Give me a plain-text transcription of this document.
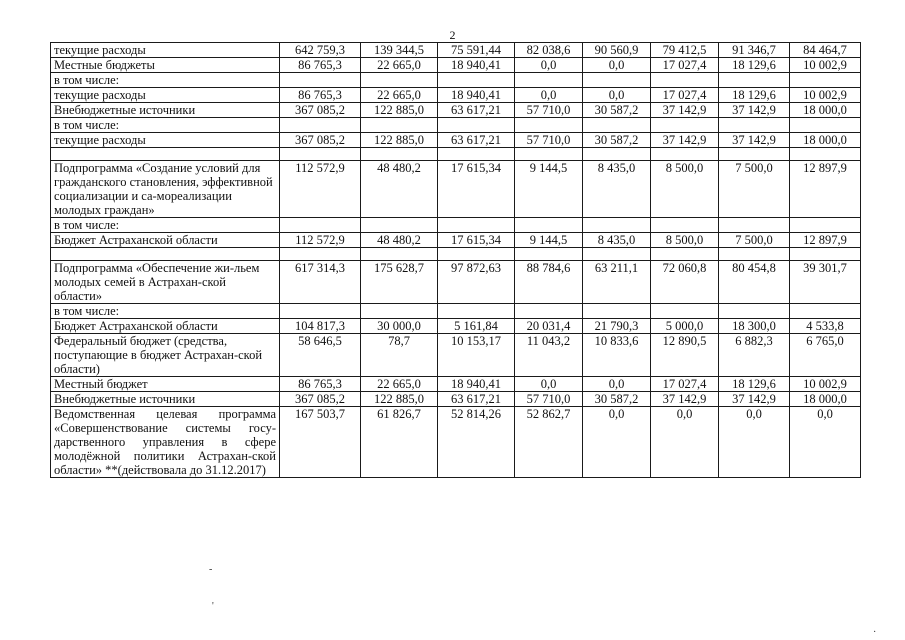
2
текущие расходы	642 759,3	139 344,5	75 591,44	82 038,6	90 560,9	79 412,5	91 346,7	84 464,7
Местные бюджеты	86 765,3	22 665,0	18 940,41	0,0	0,0	17 027,4	18 129,6	10 002,9
в том числе:								
текущие расходы	86 765,3	22 665,0	18 940,41	0,0	0,0	17 027,4	18 129,6	10 002,9
Внебюджетные источники	367 085,2	122 885,0	63 617,21	57 710,0	30 587,2	37 142,9	37 142,9	18 000,0
в том числе:								
текущие расходы	367 085,2	122 885,0	63 617,21	57 710,0	30 587,2	37 142,9	37 142,9	18 000,0

Подпрограмма «Создание условий для гражданского становления, эффективной социализации и са-мореализации молодых граждан»	112 572,9	48 480,2	17 615,34	9 144,5	8 435,0	8 500,0	7 500,0	12 897,9
в том числе:								
Бюджет Астраханской области	112 572,9	48 480,2	17 615,34	9 144,5	8 435,0	8 500,0	7 500,0	12 897,9

Подпрограмма «Обеспечение жи-льем молодых семей в Астрахан-ской области»	617 314,3	175 628,7	97 872,63	88 784,6	63 211,1	72 060,8	80 454,8	39 301,7
в том числе:								
Бюджет Астраханской области	104 817,3	30 000,0	5 161,84	20 031,4	21 790,3	5 000,0	18 300,0	4 533,8
Федеральный бюджет (средства, поступающие в бюджет Астрахан-ской области)	58 646,5	78,7	10 153,17	11 043,2	10 833,6	12 890,5	6 882,3	6 765,0
Местный бюджет	86 765,3	22 665,0	18 940,41	0,0	0,0	17 027,4	18 129,6	10 002,9
Внебюджетные источники	367 085,2	122 885,0	63 617,21	57 710,0	30 587,2	37 142,9	37 142,9	18 000,0
Ведомственная целевая программа «Совершенствование системы госу-дарственного управления в сфере молодёжной политики Астрахан-ской области» **(действовала до 31.12.2017)	167 503,7	61 826,7	52 814,26	52 862,7	0,0	0,0	0,0	0,0
-
'
·
